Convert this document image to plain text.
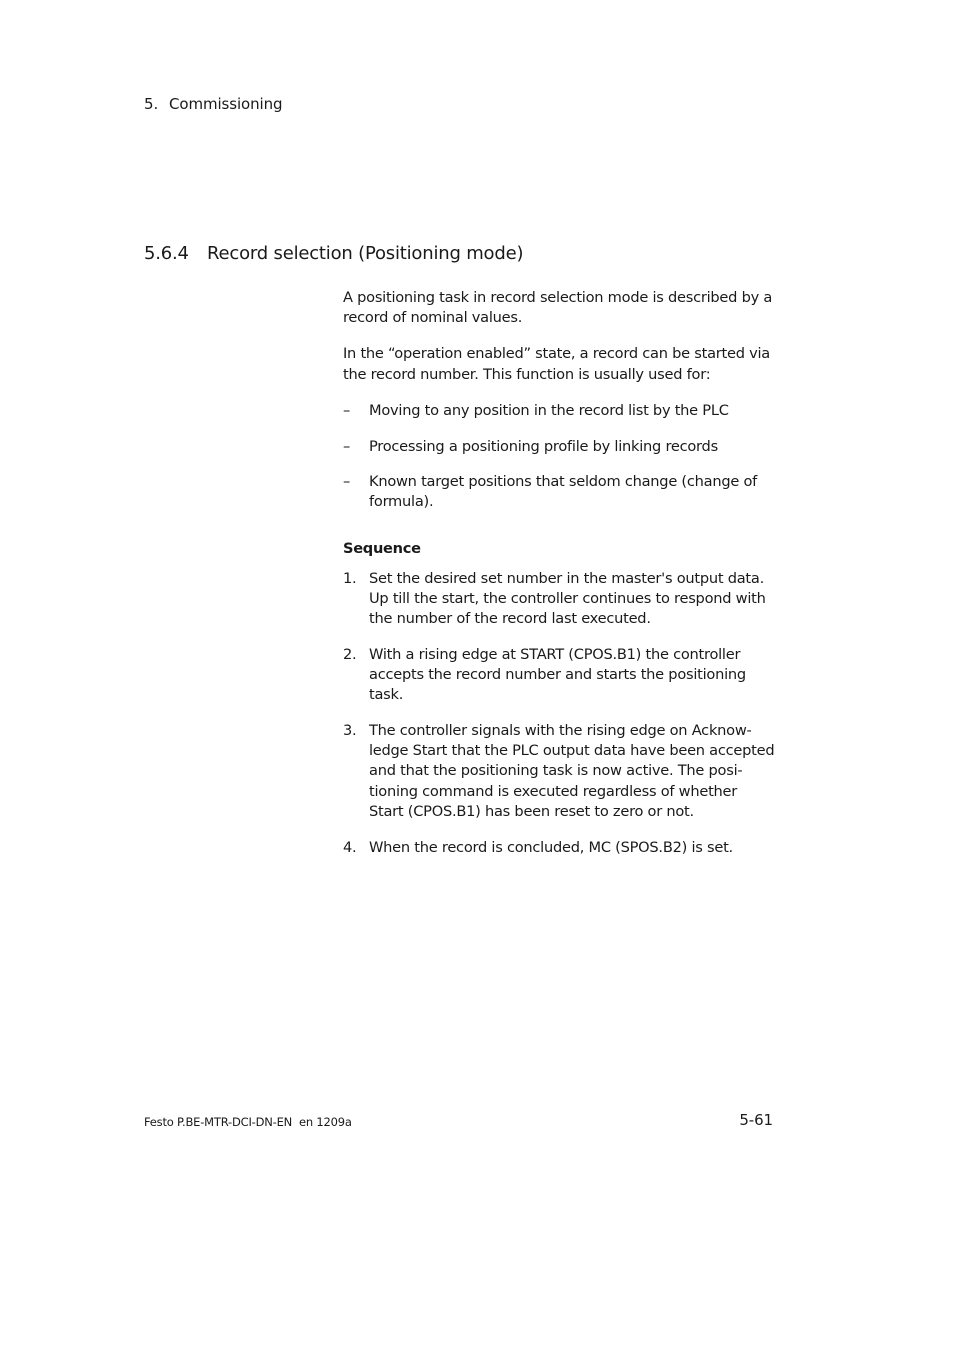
5. Commissioning
5.6.4 Record selection (Positioning mode)

A positioning task in record selection mode is described by a record of nominal values.

In the “operation enabled” state, a record can be started via the record number. This function is usually used for:

– Moving to any position in the record list by the PLC
– Processing a positioning profile by linking records
– Known target positions that seldom change (change of formula).
Sequence
1. Set the desired set number in the master's output data. Up till the start, the controller continues to respond with the number of the record last executed.
2. With a rising edge at START (CPOS.B1) the controller accepts the record number and starts the positioning task.
3. The controller signals with the rising edge on Acknowledge Start that the PLC output data have been accepted and that the positioning task is now active. The positioning command is executed regardless of whether Start (CPOS.B1) has been reset to zero or not.
4. When the record is concluded, MC (SPOS.B2) is set.
Festo P.BE-MTR-DCI-DN-EN  en 1209a	5-61
